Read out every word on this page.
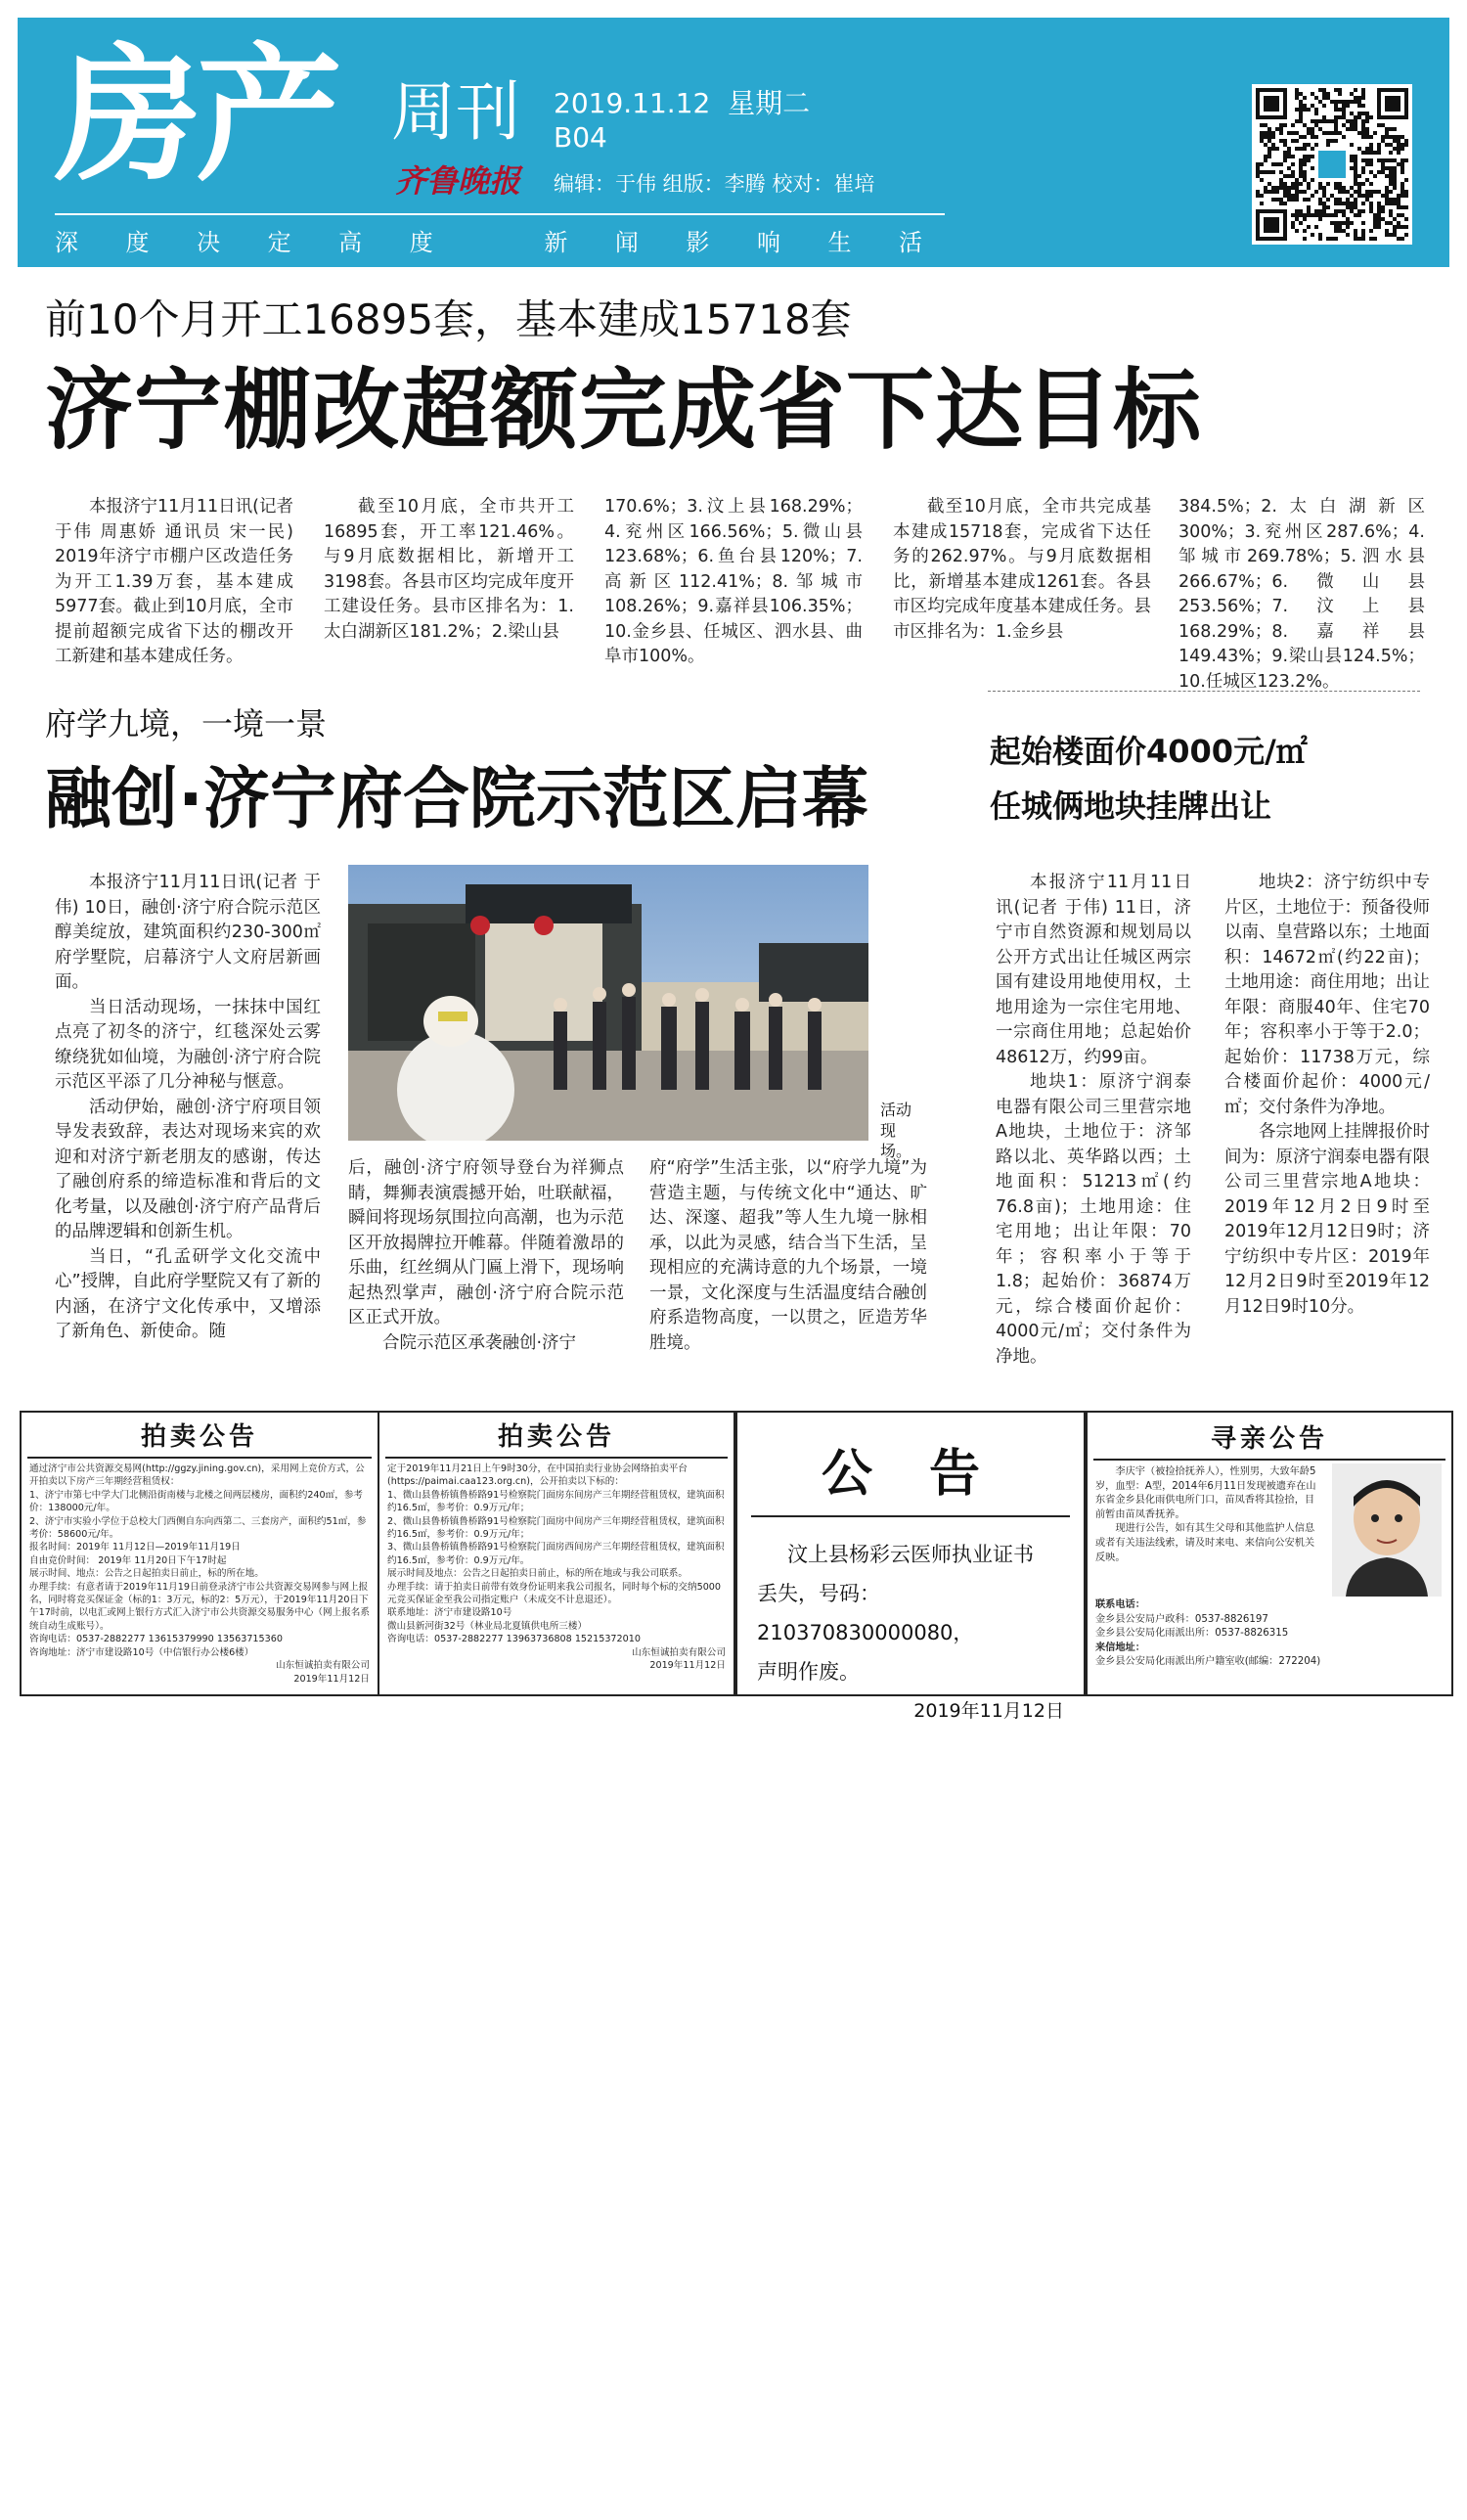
房产 周刊
齐鲁晚报
2019.11.12 星期二
B04
编辑：于伟 组版：李腾 校对：崔培
深 度 决 定 高 度	新 闻 影 响 生 活
前10个月开工16895套，基本建成15718套
济宁棚改超额完成省下达目标

本报济宁11月11日讯(记者 于伟 周惠娇 通讯员 宋一民) 2019年济宁市棚户区改造任务为开工1.39万套，基本建成5977套。截止到10月底，全市提前超额完成省下达的棚改开工新建和基本建成任务。

截至10月底，全市共开工16895套，开工率121.46%。与9月底数据相比，新增开工3198套。各县市区均完成年度开工建设任务。县市区排名为：1.太白湖新区181.2%；2.梁山县

170.6%；3.汶上县168.29%；4.兖州区166.56%；5.微山县123.68%；6.鱼台县120%；7.高新区112.41%；8.邹城市108.26%；9.嘉祥县106.35%；10.金乡县、任城区、泗水县、曲阜市100%。

截至10月底，全市共完成基本建成15718套，完成省下达任务的262.97%。与9月底数据相比，新增基本建成1261套。各县市区均完成年度基本建成任务。县市区排名为：1.金乡县

384.5%；2.太白湖新区300%；3.兖州区287.6%；4.邹城市269.78%；5.泗水县266.67%；6.微山县253.56%；7.汶上县168.29%；8.嘉祥县149.43%；9.梁山县124.5%；10.任城区123.2%。

府学九境，一境一景
融创·济宁府合院示范区启幕

本报济宁11月11日讯(记者 于伟) 10日，融创·济宁府合院示范区醇美绽放，建筑面积约230-300㎡府学墅院，启幕济宁人文府居新画面。

当日活动现场，一抹抹中国红点亮了初冬的济宁，红毯深处云雾缭绕犹如仙境，为融创·济宁府合院示范区平添了几分神秘与惬意。

活动伊始，融创·济宁府项目领导发表致辞，表达对现场来宾的欢迎和对济宁新老朋友的感谢，传达了融创府系的缔造标准和背后的文化考量，以及融创·济宁府产品背后的品牌逻辑和创新生机。

当日，“孔孟研学文化交流中心”授牌，自此府学墅院又有了新的内涵，在济宁文化传承中，又增添了新角色、新使命。随

活动现场。

后，融创·济宁府领导登台为祥狮点睛，舞狮表演震撼开始，吐联献福，瞬间将现场氛围拉向高潮，也为示范区开放揭牌拉开帷幕。伴随着激昂的乐曲，红丝绸从门匾上滑下，现场响起热烈掌声，融创·济宁府合院示范区正式开放。

合院示范区承袭融创·济宁

府“府学”生活主张，以“府学九境”为营造主题，与传统文化中“通达、旷达、深邃、超我”等人生九境一脉相承，以此为灵感，结合当下生活，呈现相应的充满诗意的九个场景，一境一景，文化深度与生活温度结合融创府系造物高度，一以贯之，匠造芳华胜境。

起始楼面价4000元/㎡
任城俩地块挂牌出让

本报济宁11月11日讯(记者 于伟) 11日，济宁市自然资源和规划局以公开方式出让任城区两宗国有建设用地使用权，土地用途为一宗住宅用地、一宗商住用地；总起始价48612万，约99亩。

地块1：原济宁润泰电器有限公司三里营宗地A地块，土地位于：济邹路以北、英华路以西；土地面积：51213㎡(约76.8亩)；土地用途：住宅用地；出让年限：70年；容积率小于等于1.8；起始价：36874万元，综合楼面价起价：4000元/㎡；交付条件为净地。

地块2：济宁纺织中专片区，土地位于：预备役师以南、皇营路以东；土地面积：14672㎡(约22亩)；土地用途：商住用地；出让年限：商服40年、住宅70年；容积率小于等于2.0；起始价：11738万元，综合楼面价起价：4000元/㎡；交付条件为净地。

各宗地网上挂牌报价时间为：原济宁润泰电器有限公司三里营宗地A地块：2019年12月2日9时至2019年12月12日9时；济宁纺织中专片区：2019年12月2日9时至2019年12月12日9时10分。

拍卖公告

通过济宁市公共资源交易网(http://ggzy.jining.gov.cn)，采用网上竞价方式，公开拍卖以下房产三年期经营租赁权：

1、济宁市第七中学大门北侧沿街南楼与北楼之间两层楼房，面积约240㎡，参考价：138000元/年。

2、济宁市实验小学位于总校大门西侧自东向西第二、三套房产，面积约51㎡，参考价：58600元/年。

报名时间：2019年 11月12日—2019年11月19日

自由竞价时间： 2019年 11月20日下午17时起

展示时间、地点：公告之日起拍卖日前止，标的所在地。

办理手续：有意者请于2019年11月19日前登录济宁市公共资源交易网参与网上报名，同时将竞买保证金（标的1：3万元，标的2：5万元），于2019年11月20日下午17时前，以电汇或网上银行方式汇入济宁市公共资源交易服务中心（网上报名系统自动生成账号）。

咨询电话：0537-2882277 13615379990 13563715360

咨询地址：济宁市建设路10号（中信银行办公楼6楼）

山东恒诚拍卖有限公司

2019年11月12日

拍卖公告

定于2019年11月21日上午9时30分，在中国拍卖行业协会网络拍卖平台(https://paimai.caa123.org.cn)，公开拍卖以下标的：

1、微山县鲁桥镇鲁桥路91号检察院门面房东间房产三年期经营租赁权，建筑面积约16.5㎡，参考价：0.9万元/年；

2、微山县鲁桥镇鲁桥路91号检察院门面房中间房产三年期经营租赁权，建筑面积约16.5㎡，参考价：0.9万元/年；

3、微山县鲁桥镇鲁桥路91号检察院门面房西间房产三年期经营租赁权，建筑面积约16.5㎡，参考价：0.9万元/年。

展示时间及地点：公告之日起拍卖日前止，标的所在地或与我公司联系。

办理手续：请于拍卖日前带有效身份证明来我公司报名，同时每个标的交纳5000元竞买保证金至我公司指定账户（未成交不计息退还）。

联系地址：济宁市建设路10号

微山县新河街32号（林业局北夏镇供电所三楼）

咨询电话：0537-2882277 13963736808 15215372010

山东恒诚拍卖有限公司

2019年11月12日

公 告
汶上县杨彩云医师执业证书
丢失，号码：210370830000080，
声明作废。
2019年11月12日
寻亲公告

李庆宇（被捡拾抚养人），性别男，大致年龄5岁，血型：A型，2014年6月11日发现被遗弃在山东省金乡县化雨供电所门口，苗凤香将其捡拾，目前暂由苗凤香抚养。

现进行公告，如有其生父母和其他监护人信息或者有关违法线索，请及时来电、来信向公安机关反映。

联系电话：

金乡县公安局户政科：0537-8826197

金乡县公安局化雨派出所：0537-8826315

来信地址：

金乡县公安局化雨派出所户籍室收(邮编：272204)
